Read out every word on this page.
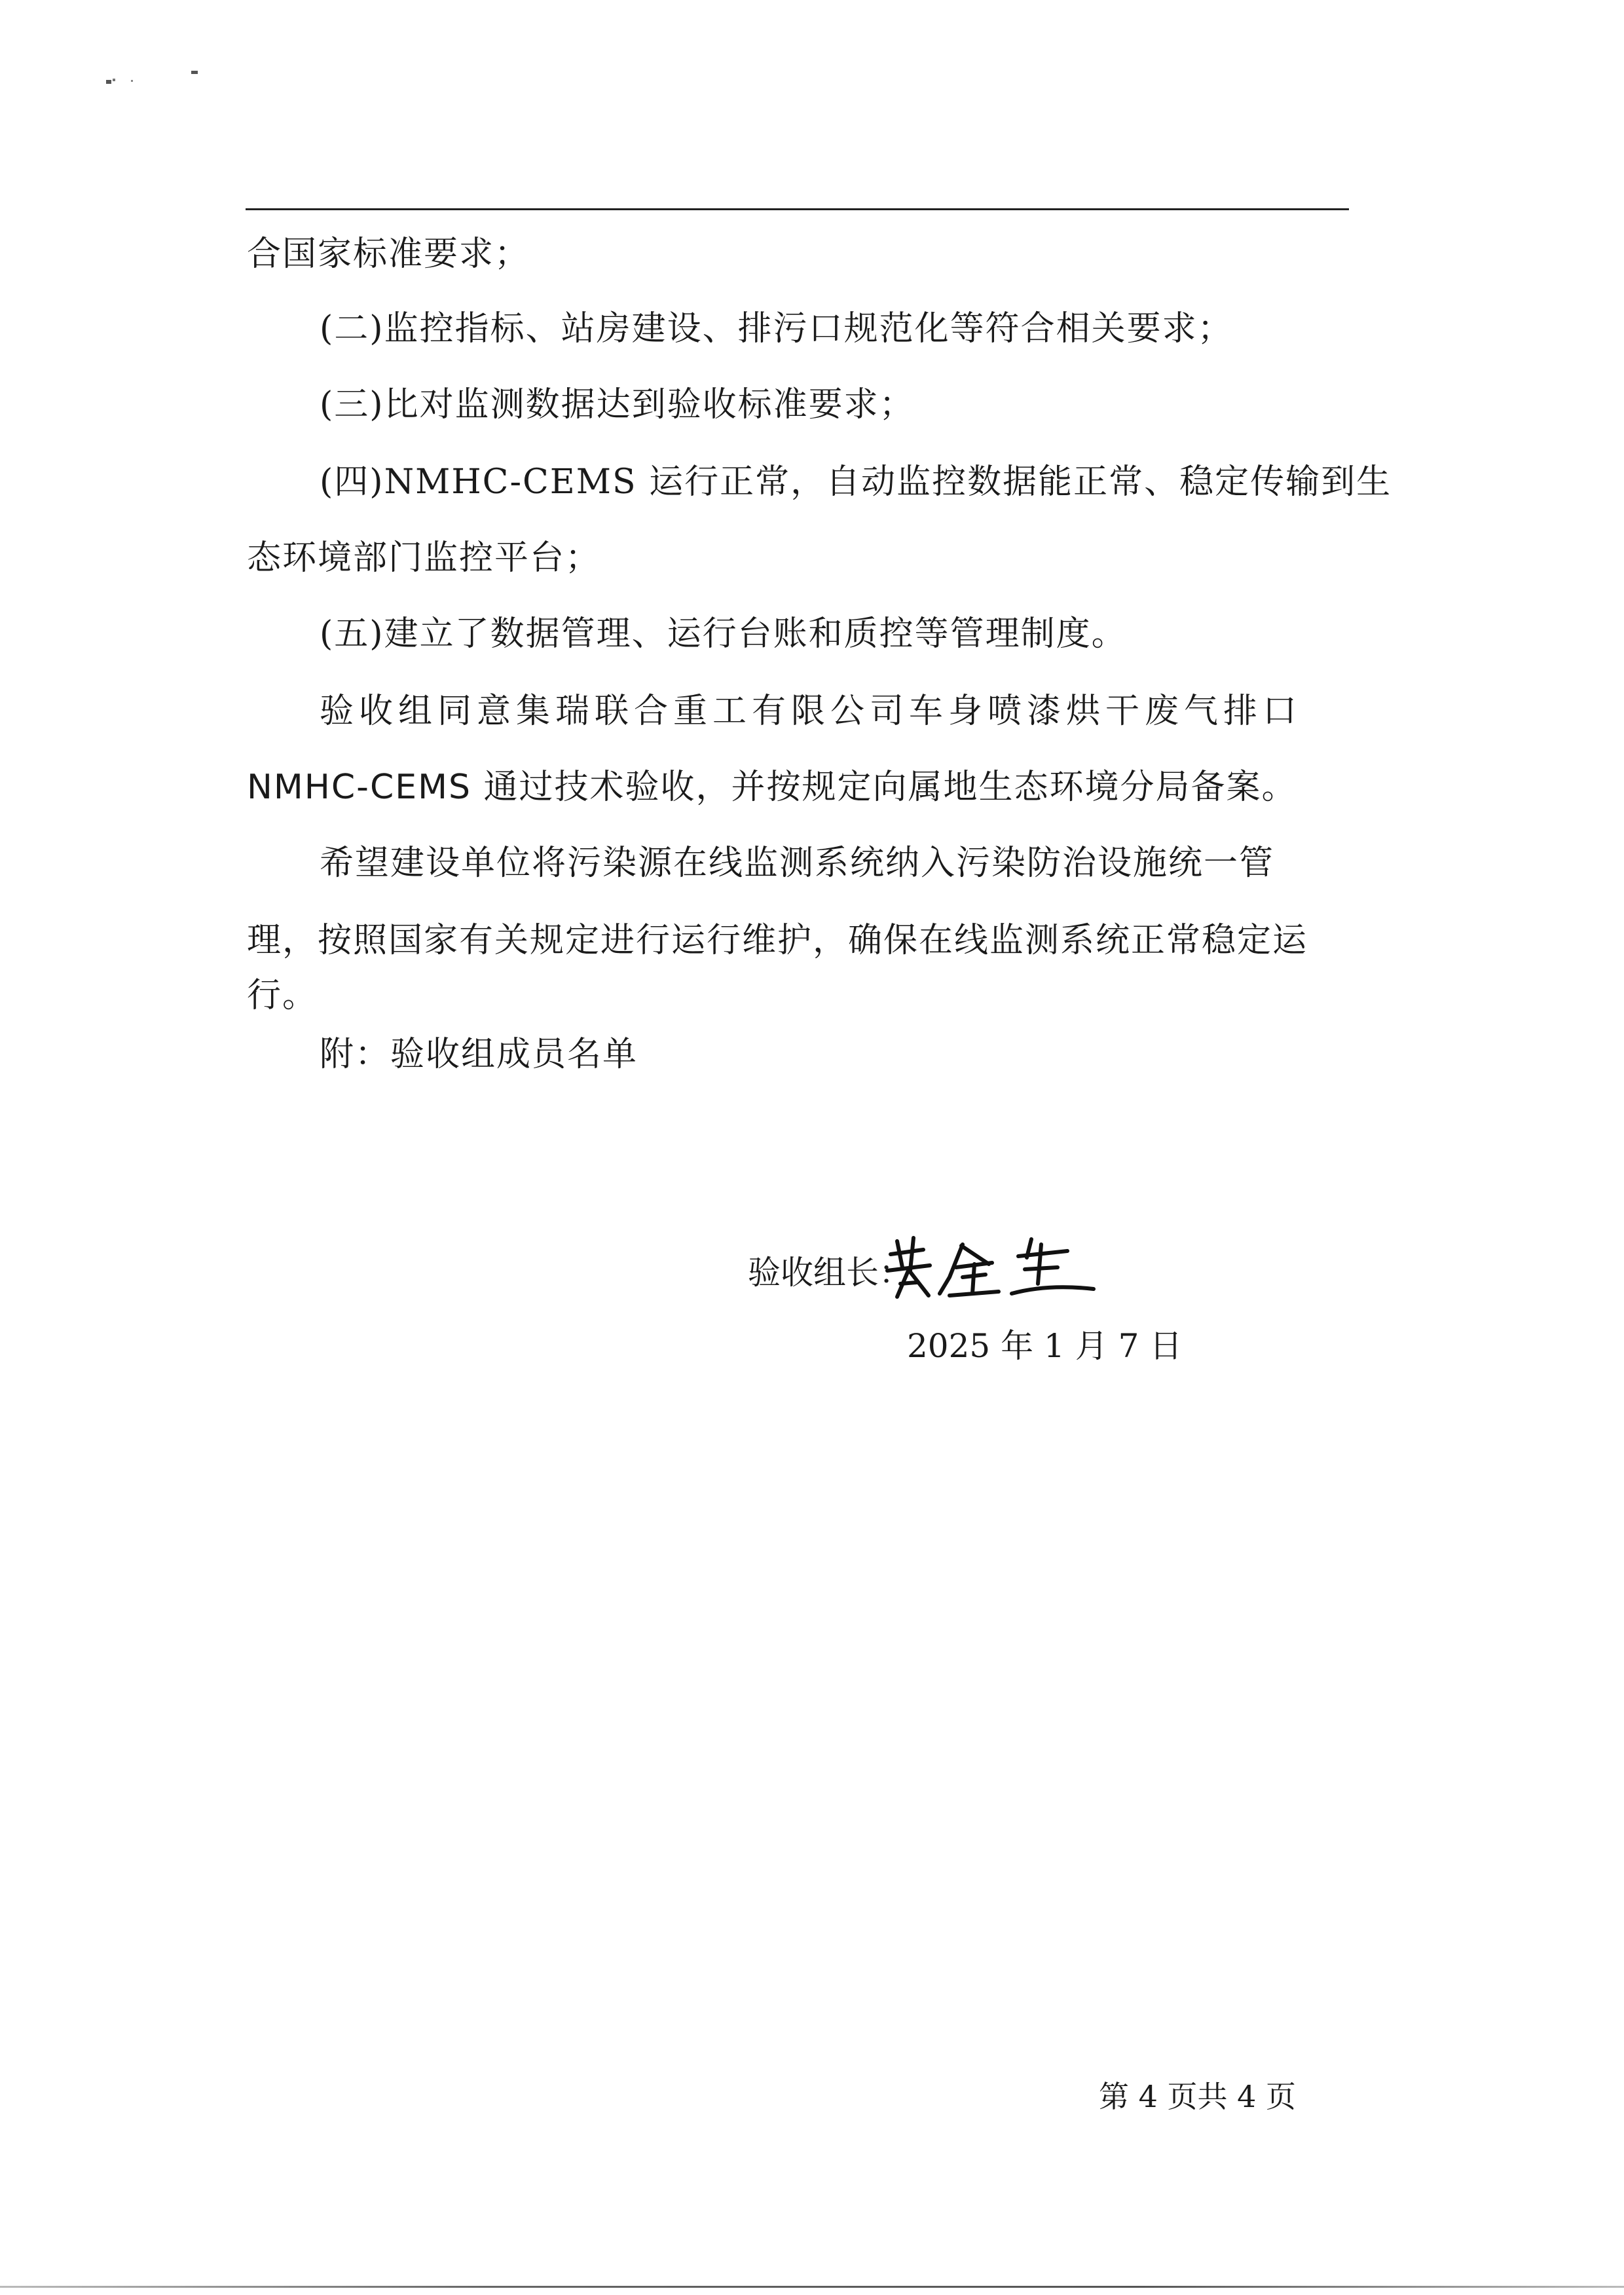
合国家标准要求；
(二)监控指标、站房建设、排污口规范化等符合相关要求；
(三)比对监测数据达到验收标准要求；
(四)NMHC-CEMS 运行正常，自动监控数据能正常、稳定传输到生
态环境部门监控平台；
(五)建立了数据管理、运行台账和质控等管理制度。
验收组同意集瑞联合重工有限公司车身喷漆烘干废气排口
NMHC-CEMS 通过技术验收，并按规定向属地生态环境分局备案。
希望建设单位将污染源在线监测系统纳入污染防治设施统一管
理，按照国家有关规定进行运行维护，确保在线监测系统正常稳定运
行。
附：验收组成员名单
验收组长：
2025 年 1 月 7 日
第 4 页共 4 页
